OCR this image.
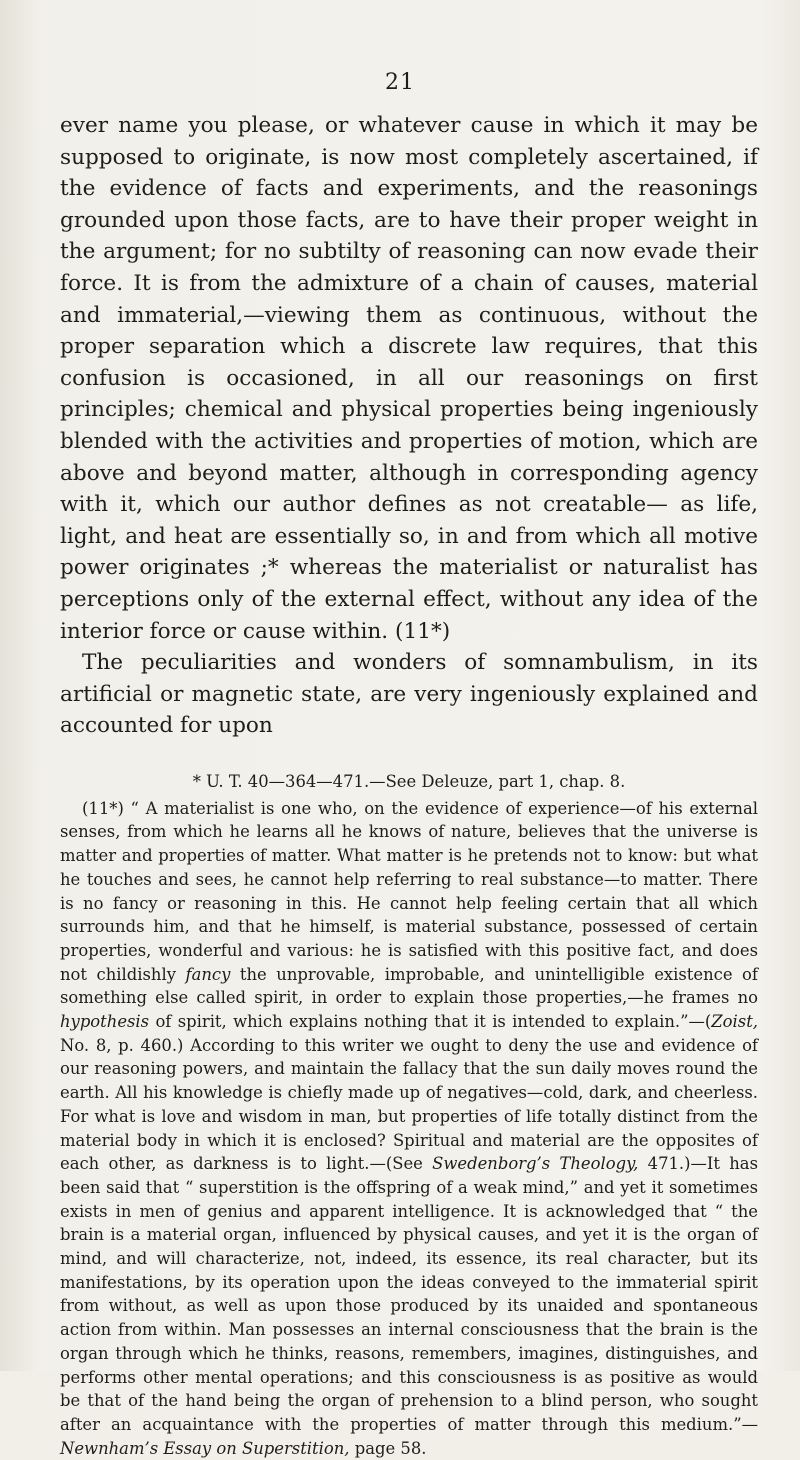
21

ever name you please, or whatever cause in which it may be supposed to originate, is now most completely ascertained, if the evidence of facts and experiments, and the reasonings grounded upon those facts, are to have their proper weight in the argument; for no subtilty of reasoning can now evade their force. It is from the admixture of a chain of causes, material and immaterial,—viewing them as continuous, without the proper separation which a discrete law requires, that this confusion is occasioned, in all our reasonings on first principles; chemical and physical properties being ingeniously blended with the activities and properties of motion, which are above and beyond matter, although in corresponding agency with it, which our author defines as not creatable— as life, light, and heat are essentially so, in and from which all motive power originates ;* whereas the materialist or naturalist has perceptions only of the external effect, without any idea of the interior force or cause within. (11*)

The peculiarities and wonders of somnambulism, in its artificial or magnetic state, are very ingeniously explained and accounted for upon

* U. T. 40—364—471.—See Deleuze, part 1, chap. 8.

(11*) “ A materialist is one who, on the evidence of experience—of his external senses, from which he learns all he knows of nature, believes that the universe is matter and properties of matter. What matter is he pretends not to know: but what he touches and sees, he cannot help referring to real substance—to matter. There is no fancy or reasoning in this. He cannot help feeling certain that all which surrounds him, and that he himself, is material substance, possessed of certain properties, wonderful and various: he is satisfied with this positive fact, and does not childishly fancy the unprovable, improbable, and unintelligible existence of something else called spirit, in order to explain those properties,—he frames no hypothesis of spirit, which explains nothing that it is intended to explain.”—(Zoist, No. 8, p. 460.) According to this writer we ought to deny the use and evidence of our reasoning powers, and maintain the fallacy that the sun daily moves round the earth. All his knowledge is chiefly made up of negatives—cold, dark, and cheerless. For what is love and wisdom in man, but properties of life totally distinct from the material body in which it is enclosed? Spiritual and material are the opposites of each other, as darkness is to light.—(See Swedenborg’s Theology, 471.)—It has been said that “ superstition is the offspring of a weak mind,” and yet it sometimes exists in men of genius and apparent intelligence. It is acknowledged that “ the brain is a material organ, influenced by physical causes, and yet it is the organ of mind, and will characterize, not, indeed, its essence, its real character, but its manifestations, by its operation upon the ideas conveyed to the immaterial spirit from without, as well as upon those produced by its unaided and spontaneous action from within. Man possesses an internal consciousness that the brain is the organ through which he thinks, reasons, remembers, imagines, distinguishes, and performs other mental operations; and this consciousness is as positive as would be that of the hand being the organ of prehension to a blind person, who sought after an acquaintance with the properties of matter through this medium.”—Newnham’s Essay on Superstition, page 58.
